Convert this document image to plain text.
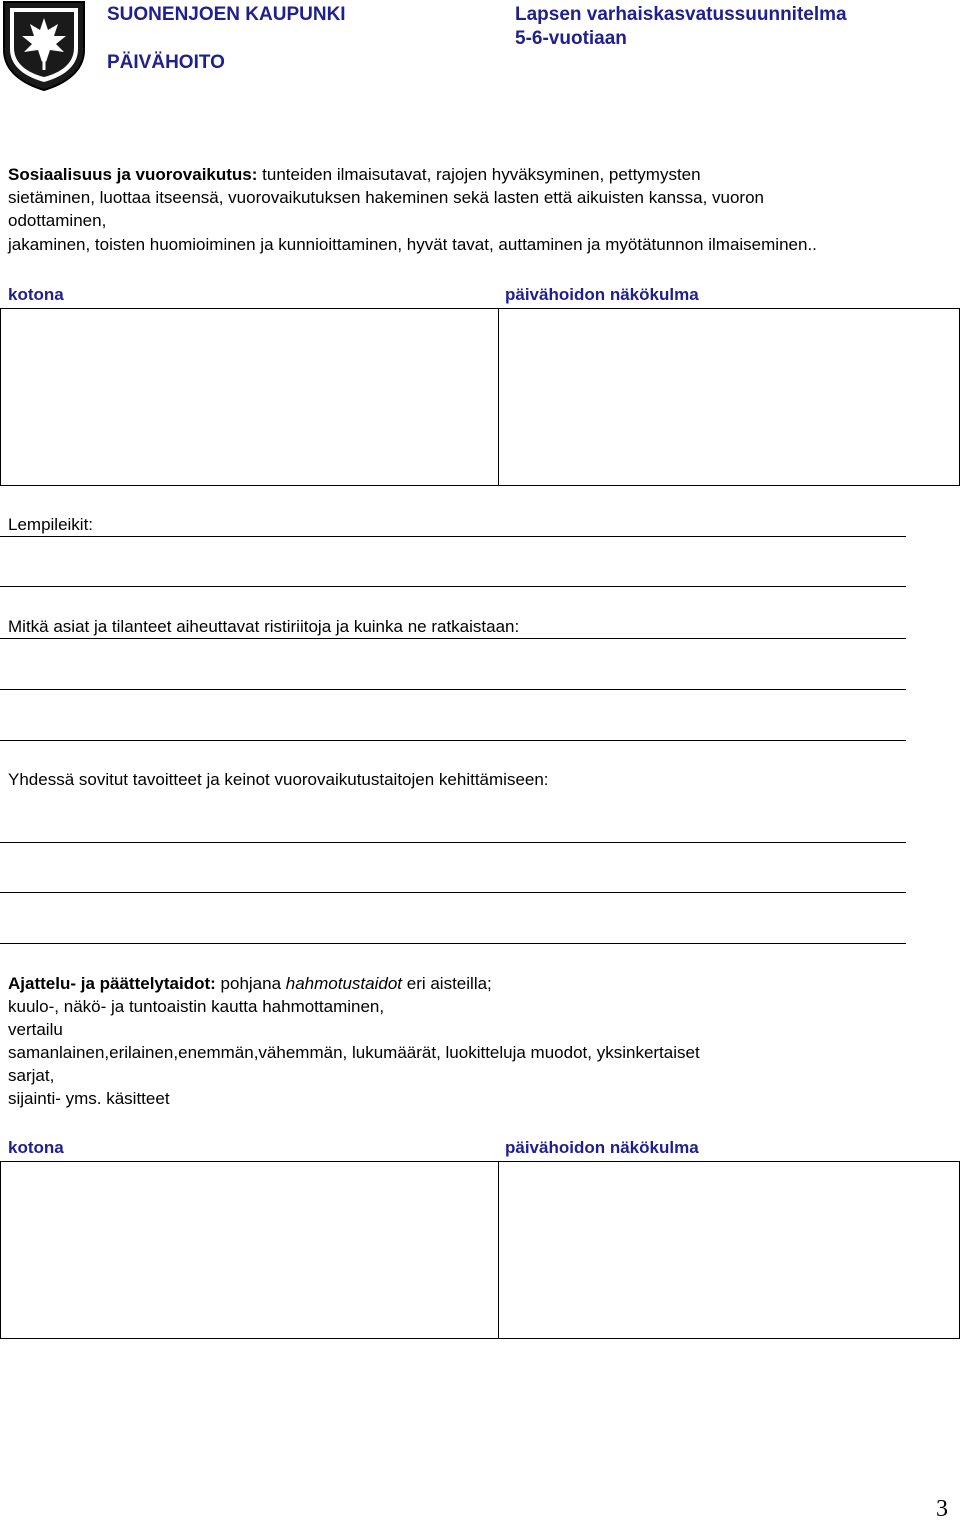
SUONENJOEN KAUPUNKI
PÄIVÄHOITO
Lapsen varhaiskasvatussuunnitelma
5-6-vuotiaan
Sosiaalisuus ja vuorovaikutus: tunteiden ilmaisutavat, rajojen hyväksyminen, pettymysten
sietäminen, luottaa itseensä, vuorovaikutuksen hakeminen sekä lasten että aikuisten kanssa, vuoron
odottaminen,
jakaminen, toisten huomioiminen ja kunnioittaminen, hyvät tavat, auttaminen ja myötätunnon ilmaiseminen..
kotona	päivähoidon näkökulma
Lempileikit:
Mitkä asiat ja tilanteet aiheuttavat ristiriitoja ja kuinka ne ratkaistaan:
Yhdessä sovitut tavoitteet ja keinot vuorovaikutustaitojen kehittämiseen:
Ajattelu- ja päättelytaidot: pohjana hahmotustaidot eri aisteilla;
kuulo-, näkö- ja tuntoaistin kautta hahmottaminen,
vertailu
samanlainen,erilainen,enemmän,vähemmän, lukumäärät, luokitteluja muodot, yksinkertaiset
sarjat,
sijainti- yms. käsitteet
kotona	päivähoidon näkökulma
3
